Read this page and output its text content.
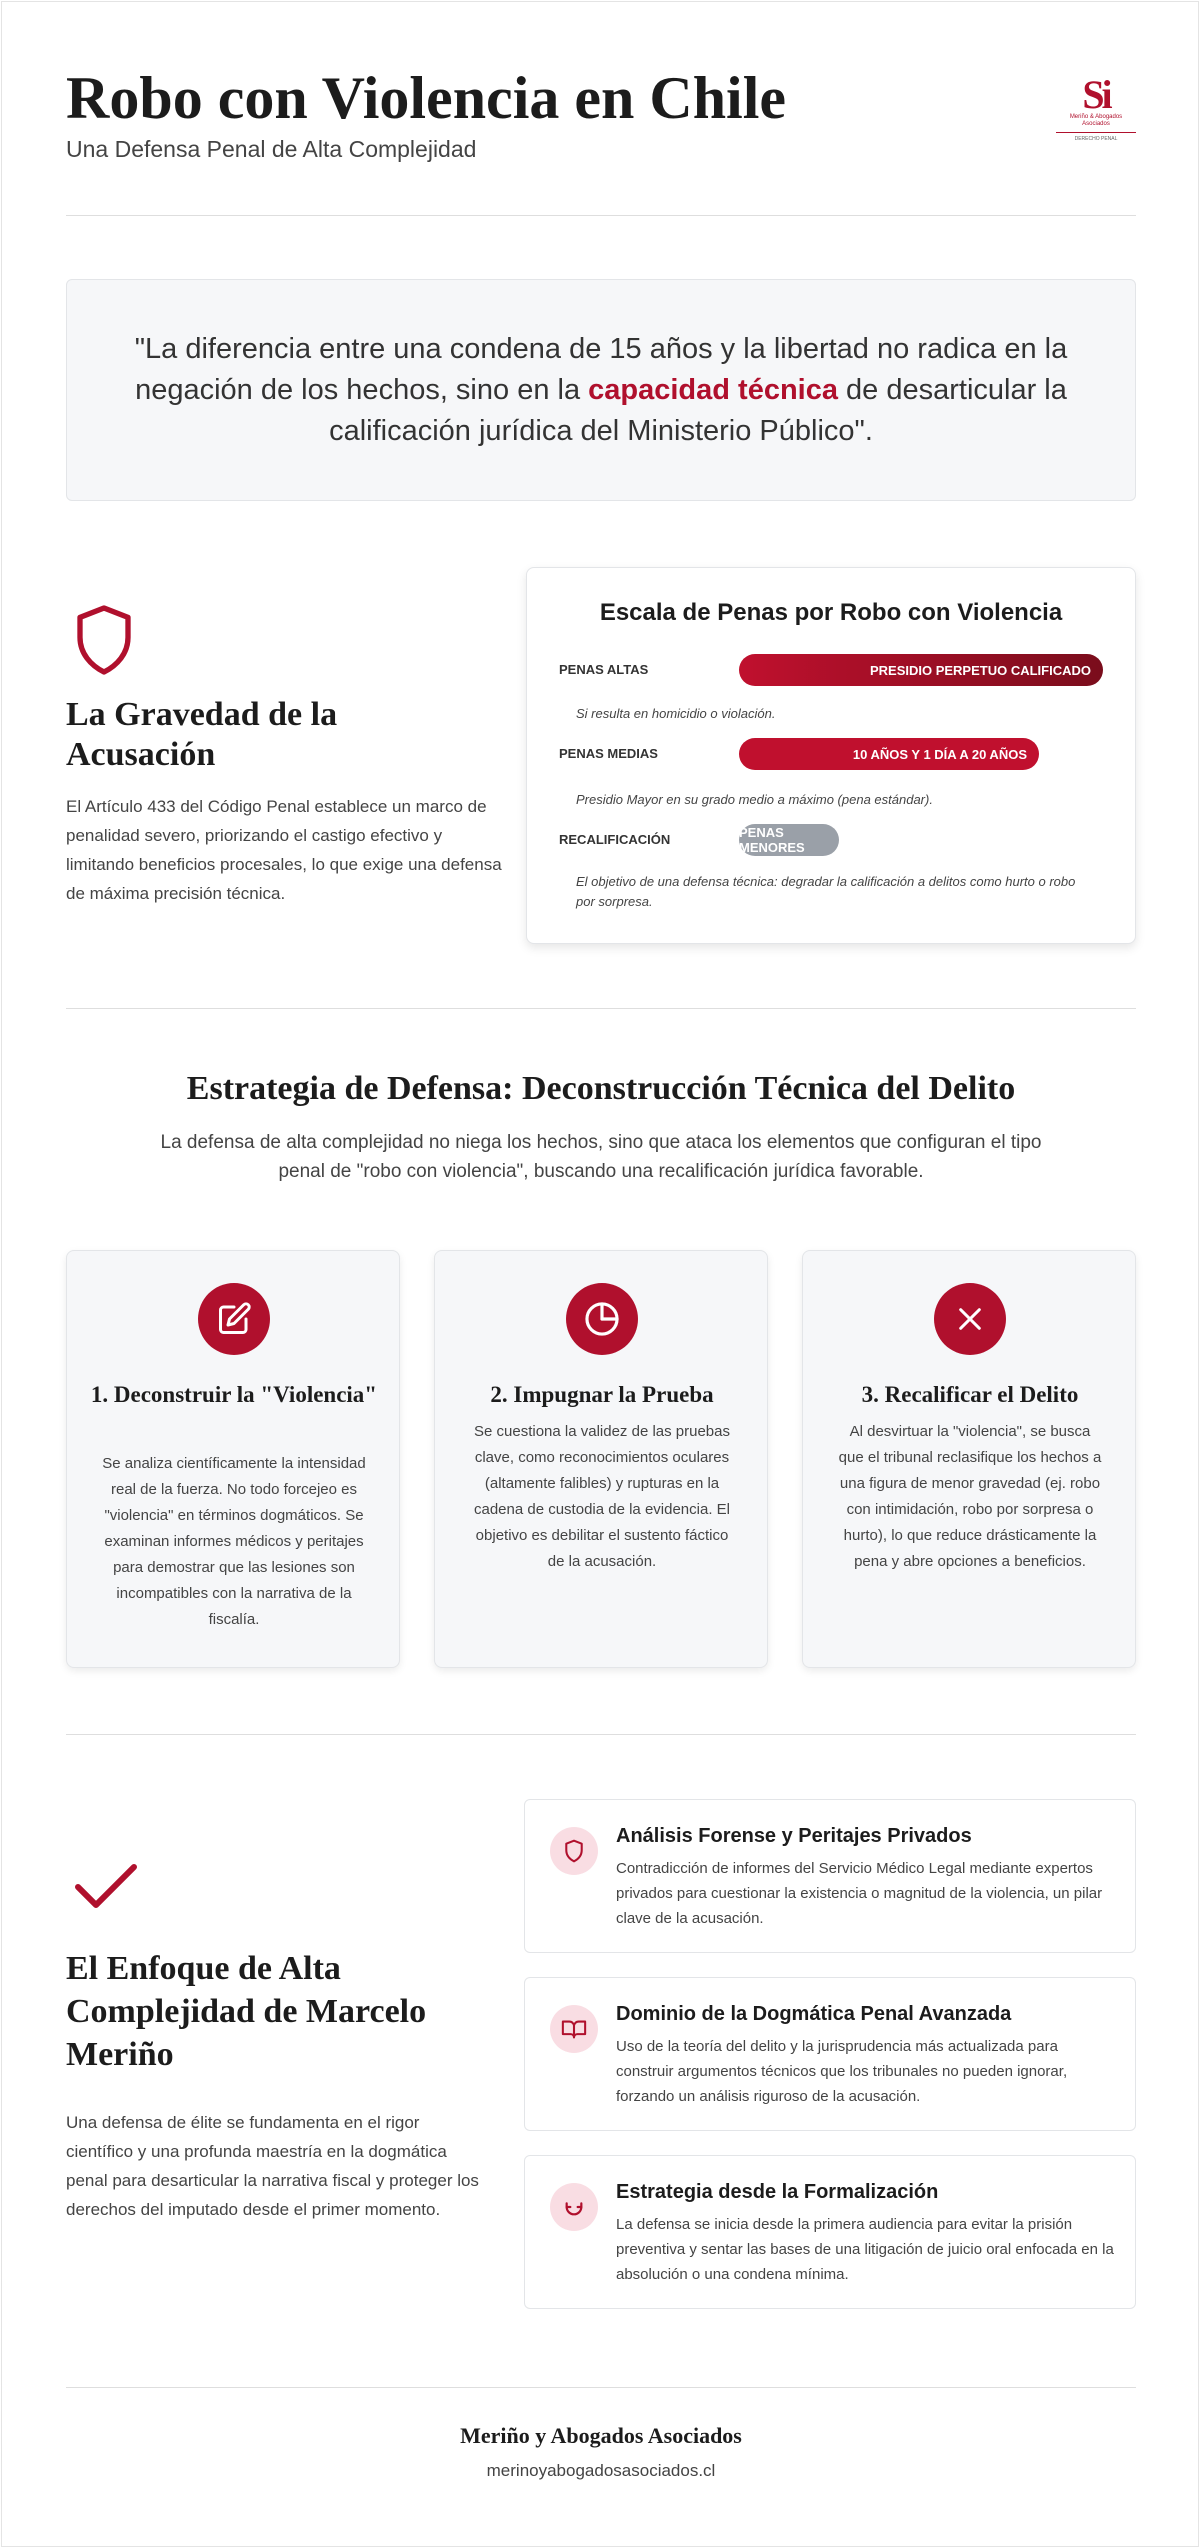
Robo con Violencia en Chile
Una Defensa Penal de Alta Complejidad
Si
Meriño & Abogados
Asociados
DERECHO PENAL

"La diferencia entre una condena de 15 años y la libertad no radica en la negación de los hechos, sino en la capacidad técnica de desarticular la calificación jurídica del Ministerio Público".

La Gravedad de la Acusación

El Artículo 433 del Código Penal establece un marco de penalidad severo, priorizando el castigo efectivo y limitando beneficios procesales, lo que exige una defensa de máxima precisión técnica.

Escala de Penas por Robo con Violencia
PENAS ALTAS	PRESIDIO PERPETUO CALIFICADO
Si resulta en homicidio o violación.
PENAS MEDIAS	10 AÑOS Y 1 DÍA A 20 AÑOS
Presidio Mayor en su grado medio a máximo (pena estándar).
RECALIFICACIÓN	PENAS MENORES
El objetivo de una defensa técnica: degradar la calificación a delitos como hurto o robo por sorpresa.
Estrategia de Defensa: Deconstrucción Técnica del Delito

La defensa de alta complejidad no niega los hechos, sino que ataca los elementos que configuran el tipo penal de "robo con violencia", buscando una recalificación jurídica favorable.

1. Deconstruir la "Violencia"

Se analiza científicamente la intensidad real de la fuerza. No todo forcejeo es "violencia" en términos dogmáticos. Se examinan informes médicos y peritajes para demostrar que las lesiones son incompatibles con la narrativa de la fiscalía.

2. Impugnar la Prueba

Se cuestiona la validez de las pruebas clave, como reconocimientos oculares (altamente falibles) y rupturas en la cadena de custodia de la evidencia. El objetivo es debilitar el sustento fáctico de la acusación.

3. Recalificar el Delito

Al desvirtuar la "violencia", se busca que el tribunal reclasifique los hechos a una figura de menor gravedad (ej. robo con intimidación, robo por sorpresa o hurto), lo que reduce drásticamente la pena y abre opciones a beneficios.

El Enfoque de Alta Complejidad de Marcelo Meriño

Una defensa de élite se fundamenta en el rigor científico y una profunda maestría en la dogmática penal para desarticular la narrativa fiscal y proteger los derechos del imputado desde el primer momento.

Análisis Forense y Peritajes Privados

Contradicción de informes del Servicio Médico Legal mediante expertos privados para cuestionar la existencia o magnitud de la violencia, un pilar clave de la acusación.

Dominio de la Dogmática Penal Avanzada

Uso de la teoría del delito y la jurisprudencia más actualizada para construir argumentos técnicos que los tribunales no pueden ignorar, forzando un análisis riguroso de la acusación.

Estrategia desde la Formalización

La defensa se inicia desde la primera audiencia para evitar la prisión preventiva y sentar las bases de una litigación de juicio oral enfocada en la absolución o una condena mínima.

Meriño y Abogados Asociados
merinoyabogadosasociados.cl
